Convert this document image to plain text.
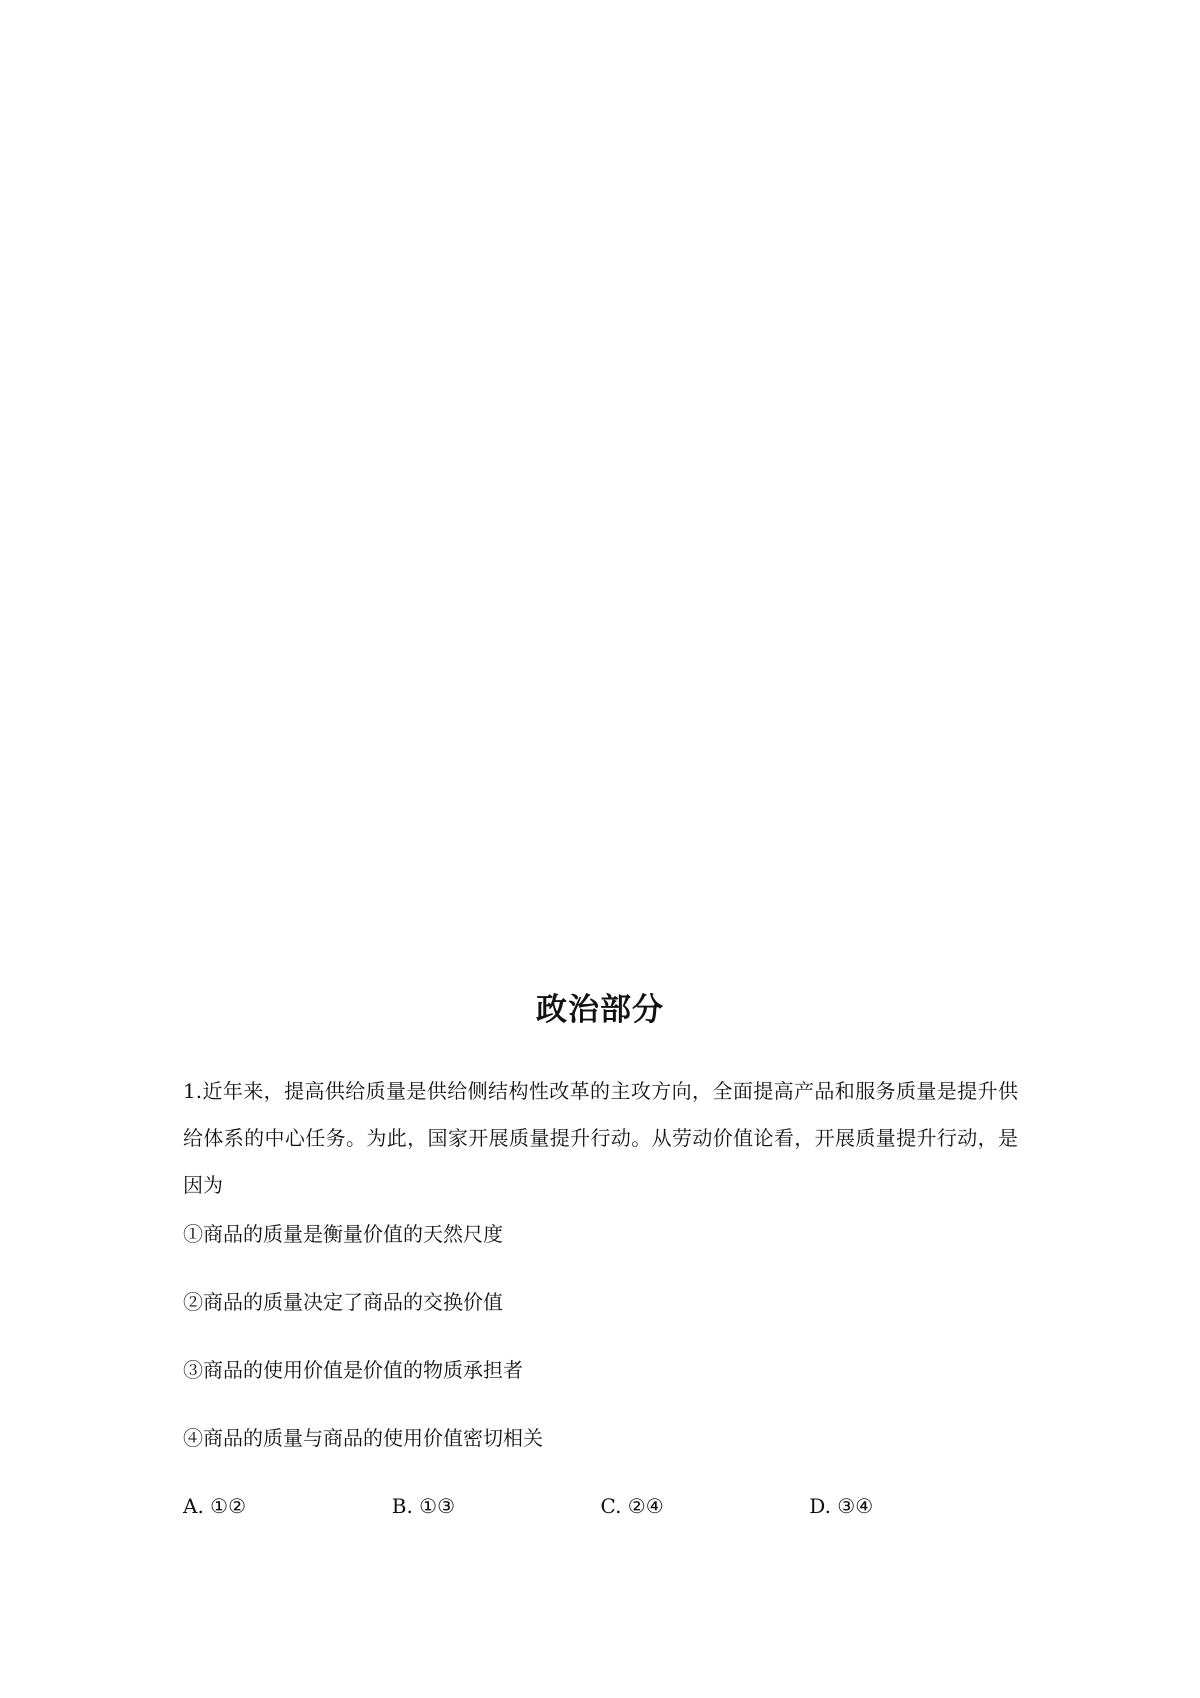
政治部分

1.近年来，提高供给质量是供给侧结构性改革的主攻方向，全面提高产品和服务质量是提升供给体系的中心任务。为此，国家开展质量提升行动。从劳动价值论看，开展质量提升行动，是因为

①商品的质量是衡量价值的天然尺度

②商品的质量决定了商品的交换价值

③商品的使用价值是价值的物质承担者

④商品的质量与商品的使用价值密切相关

A. ①②	B. ①③	C. ②④	D. ③④
